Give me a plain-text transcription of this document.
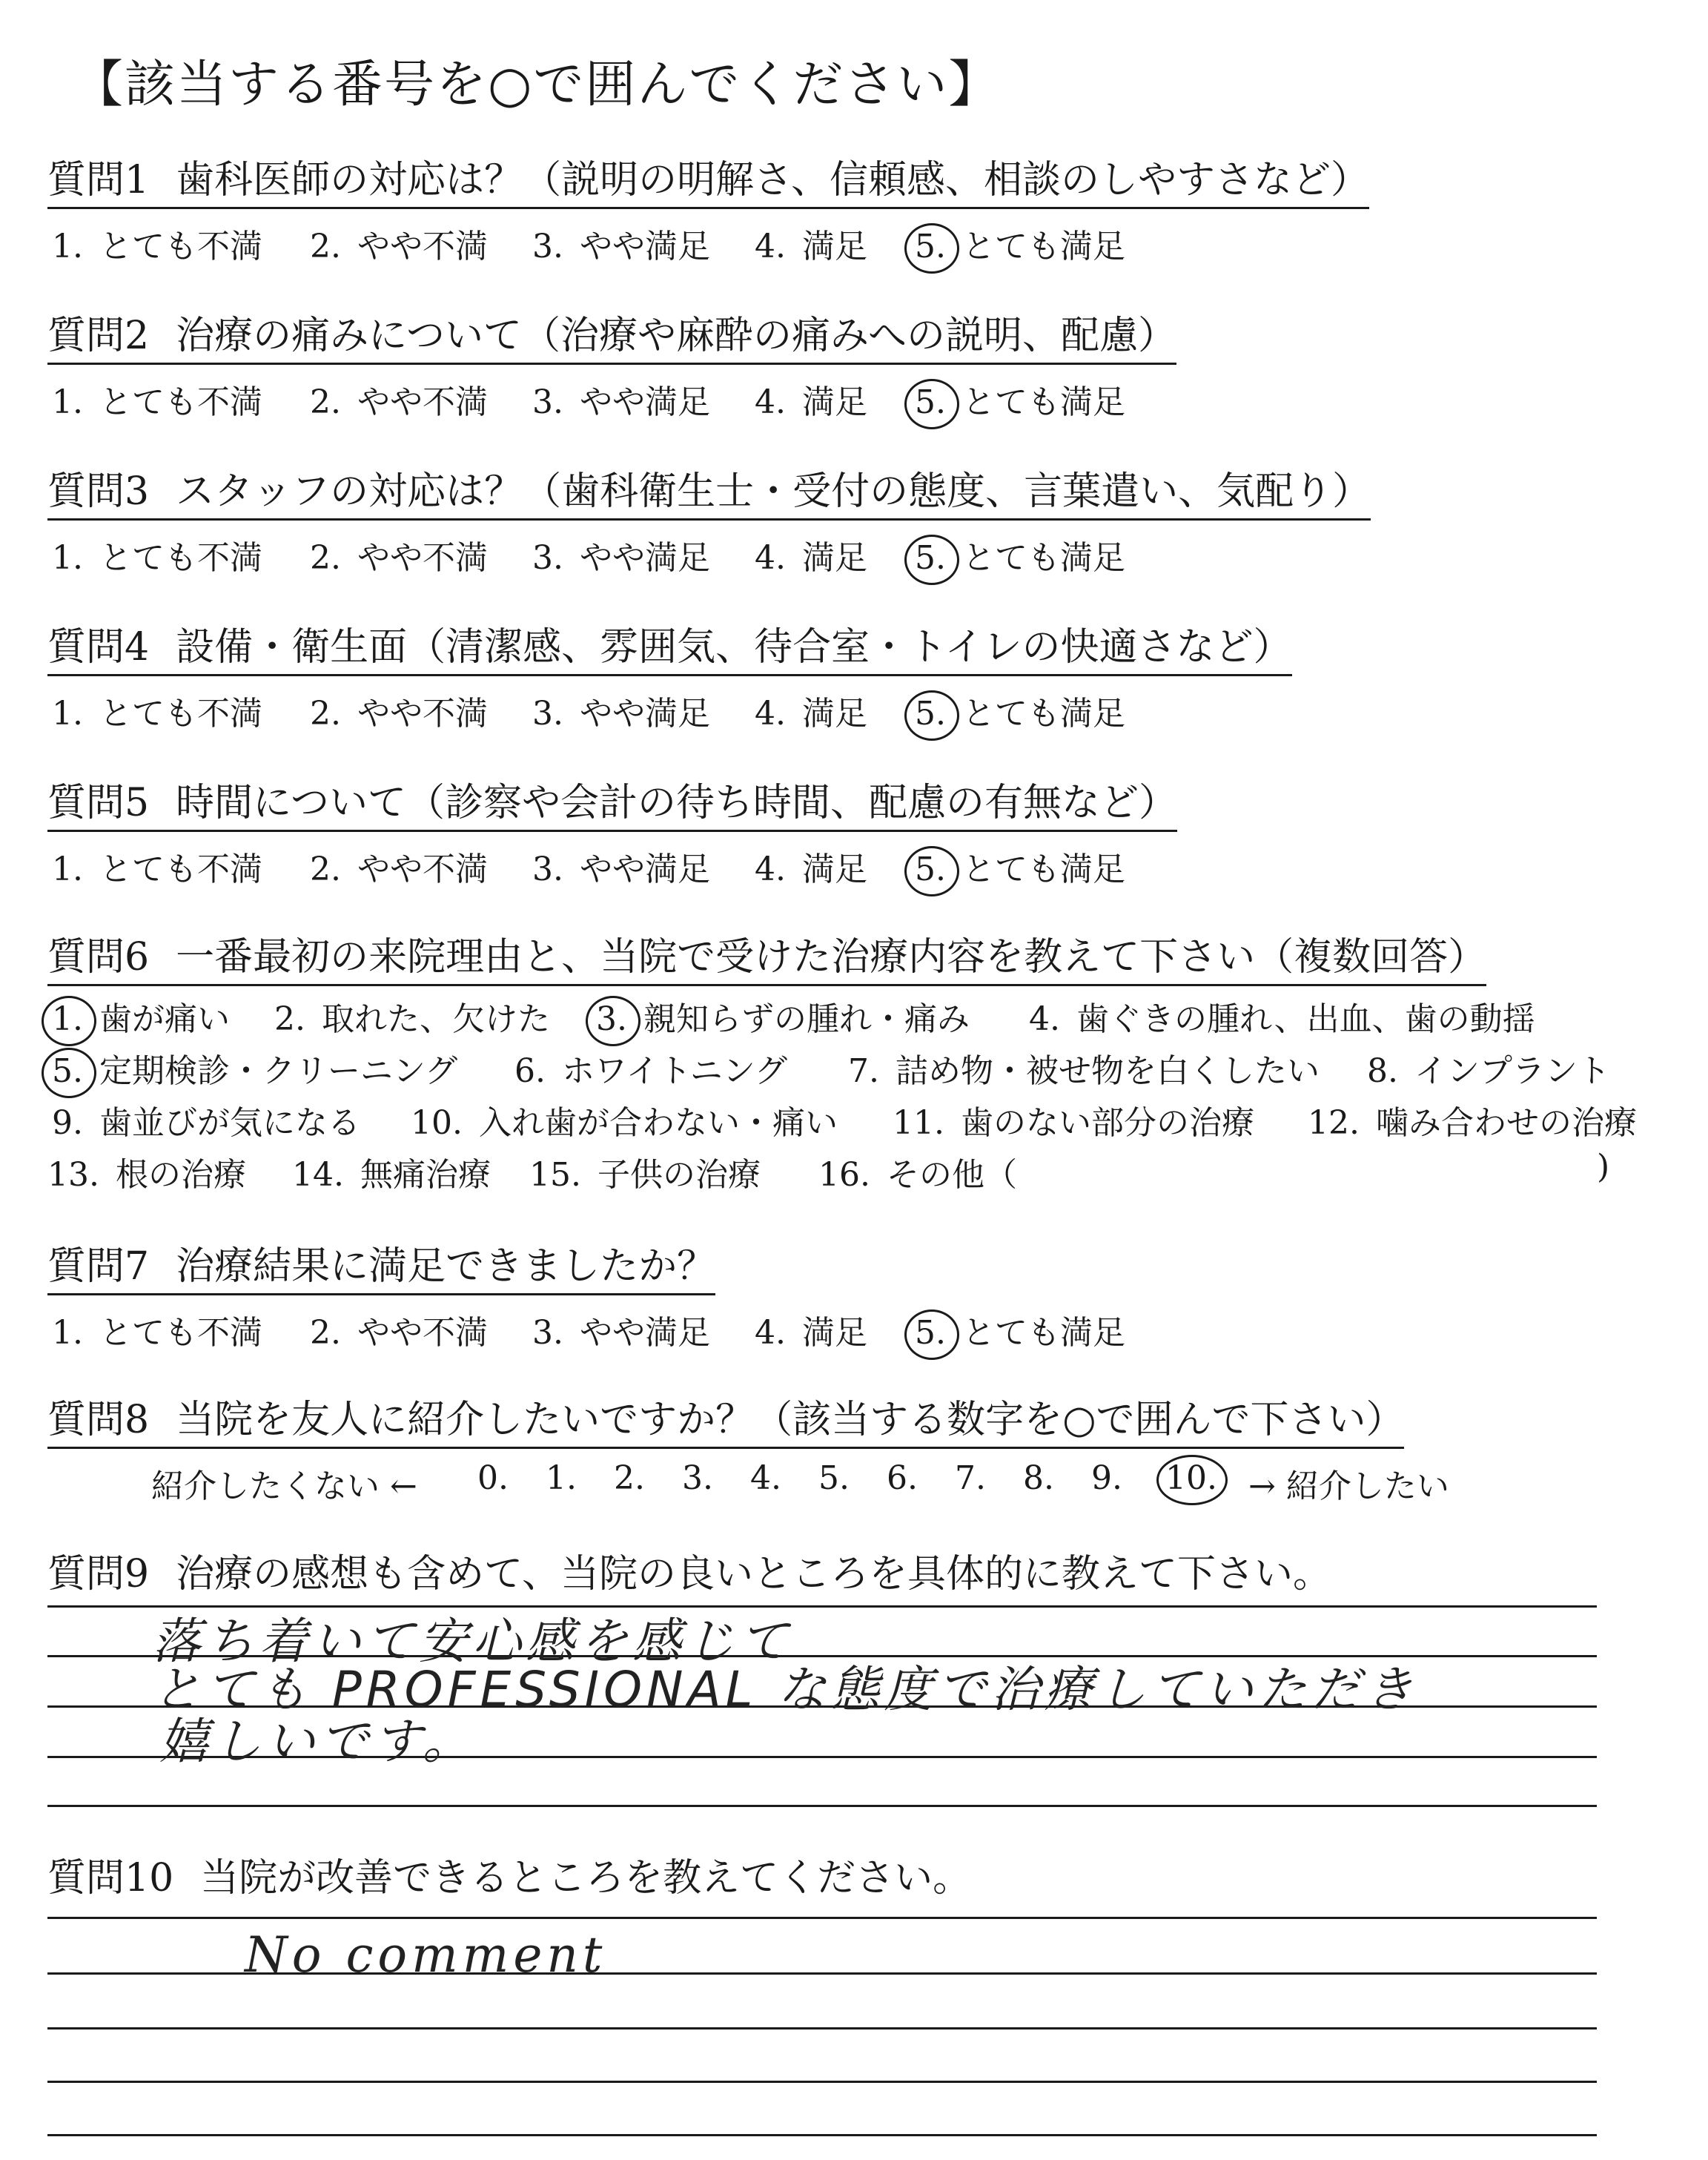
【該当する番号を○で囲んでください】
質問1 歯科医師の対応は？（説明の明解さ、信頼感、相談のしやすさなど）
1. とても不満 2. やや不満 3. やや満足 4. 満足 5. とても満足
質問2 治療の痛みについて（治療や麻酔の痛みへの説明、配慮）
1. とても不満 2. やや不満 3. やや満足 4. 満足 5. とても満足
質問3 スタッフの対応は？（歯科衛生士・受付の態度、言葉遣い、気配り）
1. とても不満 2. やや不満 3. やや満足 4. 満足 5. とても満足
質問4 設備・衛生面（清潔感、雰囲気、待合室・トイレの快適さなど）
1. とても不満 2. やや不満 3. やや満足 4. 満足 5. とても満足
質問5 時間について（診察や会計の待ち時間、配慮の有無など）
1. とても不満 2. やや不満 3. やや満足 4. 満足 5. とても満足
質問6 一番最初の来院理由と、当院で受けた治療内容を教えて下さい（複数回答）
1. 歯が痛い 2. 取れた、欠けた 3. 親知らずの腫れ・痛み 4. 歯ぐきの腫れ、出血、歯の動揺
5. 定期検診・クリーニング 6. ホワイトニング 7. 詰め物・被せ物を白くしたい 8. インプラント
9. 歯並びが気になる 10. 入れ歯が合わない・痛い 11. 歯のない部分の治療 12. 噛み合わせの治療
13. 根の治療 14. 無痛治療 15. 子供の治療 16. その他（	)
質問7 治療結果に満足できましたか？
1. とても不満 2. やや不満 3. やや満足 4. 満足 5. とても満足
質問8 当院を友人に紹介したいですか？（該当する数字を○で囲んで下さい）
紹介したくない ← 0. 1. 2. 3. 4. 5. 6. 7. 8. 9. 10. → 紹介したい
質問9 治療の感想も含めて、当院の良いところを具体的に教えて下さい。
落ち着いて安心感を感じて
とても PROFESSIONAL な態度で治療していただき
嬉しいです。
質問10 当院が改善できるところを教えてください。
No comment
